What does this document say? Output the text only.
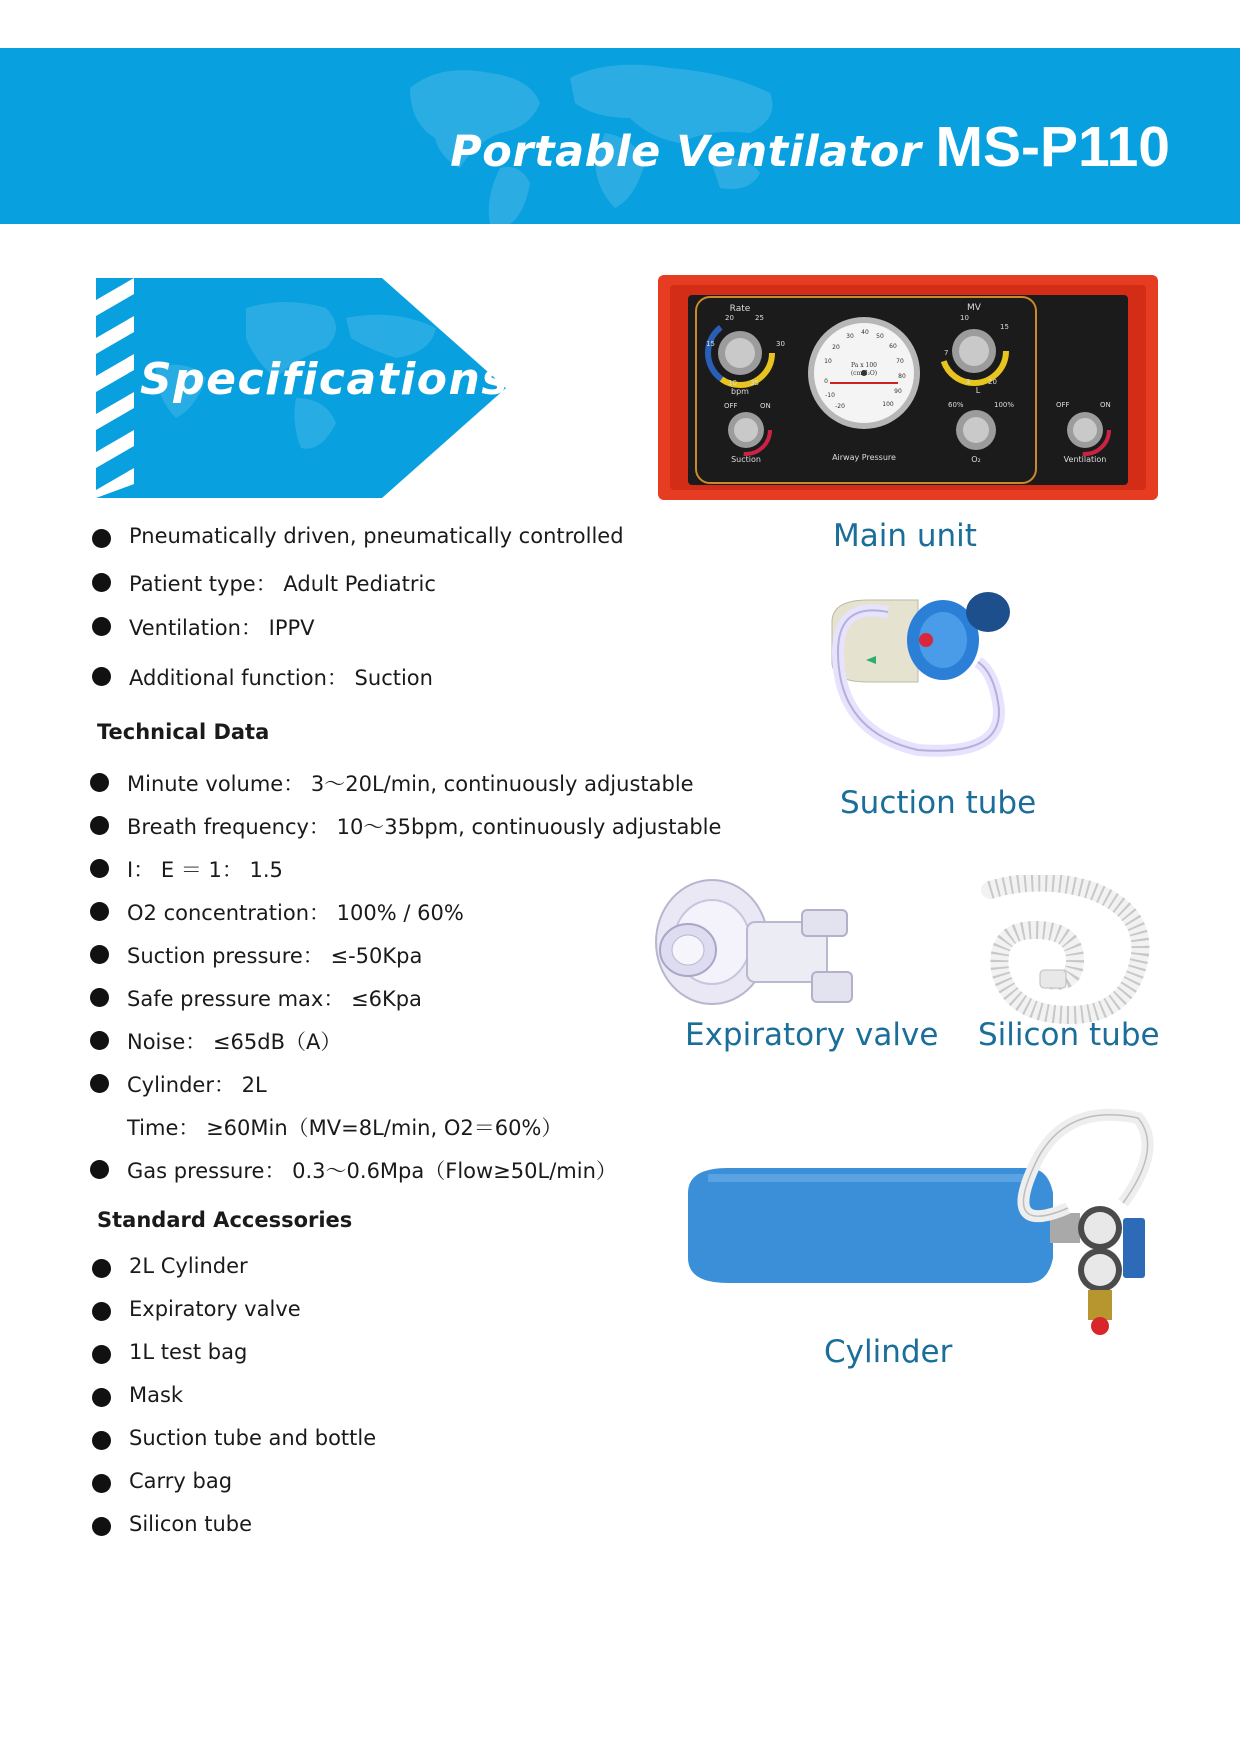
Portable Ventilator MS-P110
Specifications
Pneumatically driven, pneumatically controlled
Patient type： Adult Pediatric
Ventilation： IPPV
Additional function： Suction
Technical Data
Minute volume： 3～20L/min, continuously adjustable
Breath frequency： 10～35bpm, continuously adjustable
I： E ＝ 1： 1.5
O2 concentration： 100% / 60%
Suction pressure： ≤-50Kpa
Safe pressure max： ≤6Kpa
Noise： ≤65dB（A）
Cylinder： 2L
Time： ≥60Min（MV=8L/min, O2＝60%）
Gas pressure： 0.3～0.6Mpa（Flow≥50L/min）
Standard Accessories
2L Cylinder
Expiratory valve
1L test bag
Mask
Suction tube and bottle
Carry bag
Silicon tube
Rate
15
20	25
30
10 35
bpm
Pa x 100
(cmH₂O)
10
20
30
40
50
60
70
80
90
100
0
-10
-20
MV
7
10
15
3	20
L
OFF	ON
Suction	Airway Pressure
60%	100%
O₂
OFF	ON
Ventilation
Main unit
Suction tube
Expiratory valve Silicon tube
Cylinder
